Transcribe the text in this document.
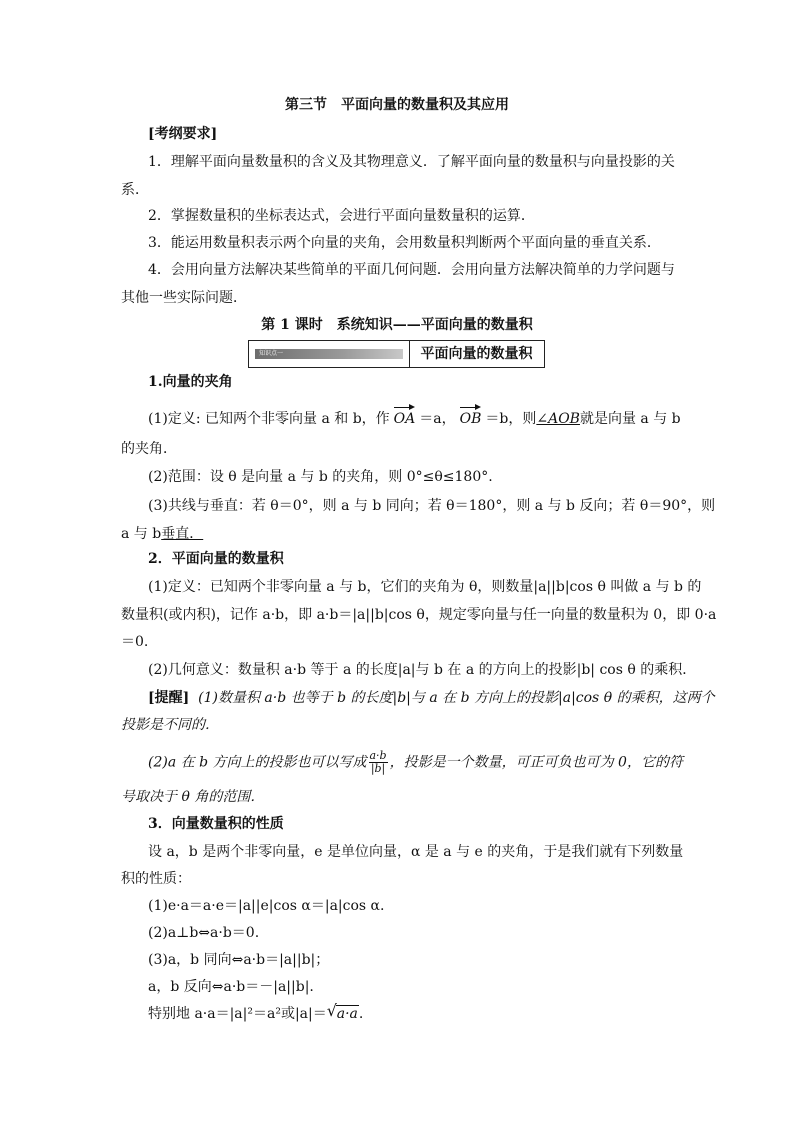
第三节　平面向量的数量积及其应用
[考纲要求]
1．理解平面向量数量积的含义及其物理意义．了解平面向量的数量积与向量投影的关
系．
2．掌握数量积的坐标表达式，会进行平面向量数量积的运算．
3．能运用数量积表示两个向量的夹角，会用数量积判断两个平面向量的垂直关系．
4．会用向量方法解决某些简单的平面几何问题．会用向量方法解决简单的力学问题与
其他一些实际问题．
第 1 课时　系统知识——平面向量的数量积
知识点一	平面向量的数量积
1.向量的夹角
(1)定义: 已知两个非零向量 a 和 b，作 OA ＝a， OB ＝b，则∠AOB就是向量 a 与 b
的夹角．
(2)范围：设 θ 是向量 a 与 b 的夹角，则 0°≤θ≤180°.
(3)共线与垂直：若 θ＝0°，则 a 与 b 同向；若 θ＝180°，则 a 与 b 反向；若 θ＝90°，则
a 与 b垂直．
2．平面向量的数量积
(1)定义：已知两个非零向量 a 与 b，它们的夹角为 θ，则数量|a||b|cos θ 叫做 a 与 b 的
数量积(或内积)，记作 a·b，即 a·b＝|a||b|cos θ，规定零向量与任一向量的数量积为 0，即 0·a
＝0.
(2)几何意义：数量积 a·b 等于 a 的长度|a|与 b 在 a 的方向上的投影|b| cos θ 的乘积．
[提醒] (1)数量积 a·b 也等于 b 的长度|b|与 a 在 b 方向上的投影|a|cos θ 的乘积，这两个
投影是不同的．
(2)a 在 b 方向上的投影也可以写成 $\frac{a\cdot b}{|b|}$ ，投影是一个数量，可正可负也可为 0，它的符
号取决于 θ 角的范围．
3．向量数量积的性质
设 a，b 是两个非零向量，e 是单位向量，α 是 a 与 e 的夹角，于是我们就有下列数量
积的性质：
(1)e·a＝a·e＝|a||e|cos α＝|a|cos α.
(2)a⊥b⇔a·b＝0.
(3)a，b 同向⇔a·b＝|a||b|；
a，b 反向⇔a·b＝－|a||b|.
特别地 a·a＝|a|²＝a²或|a|＝ √ a·a.
